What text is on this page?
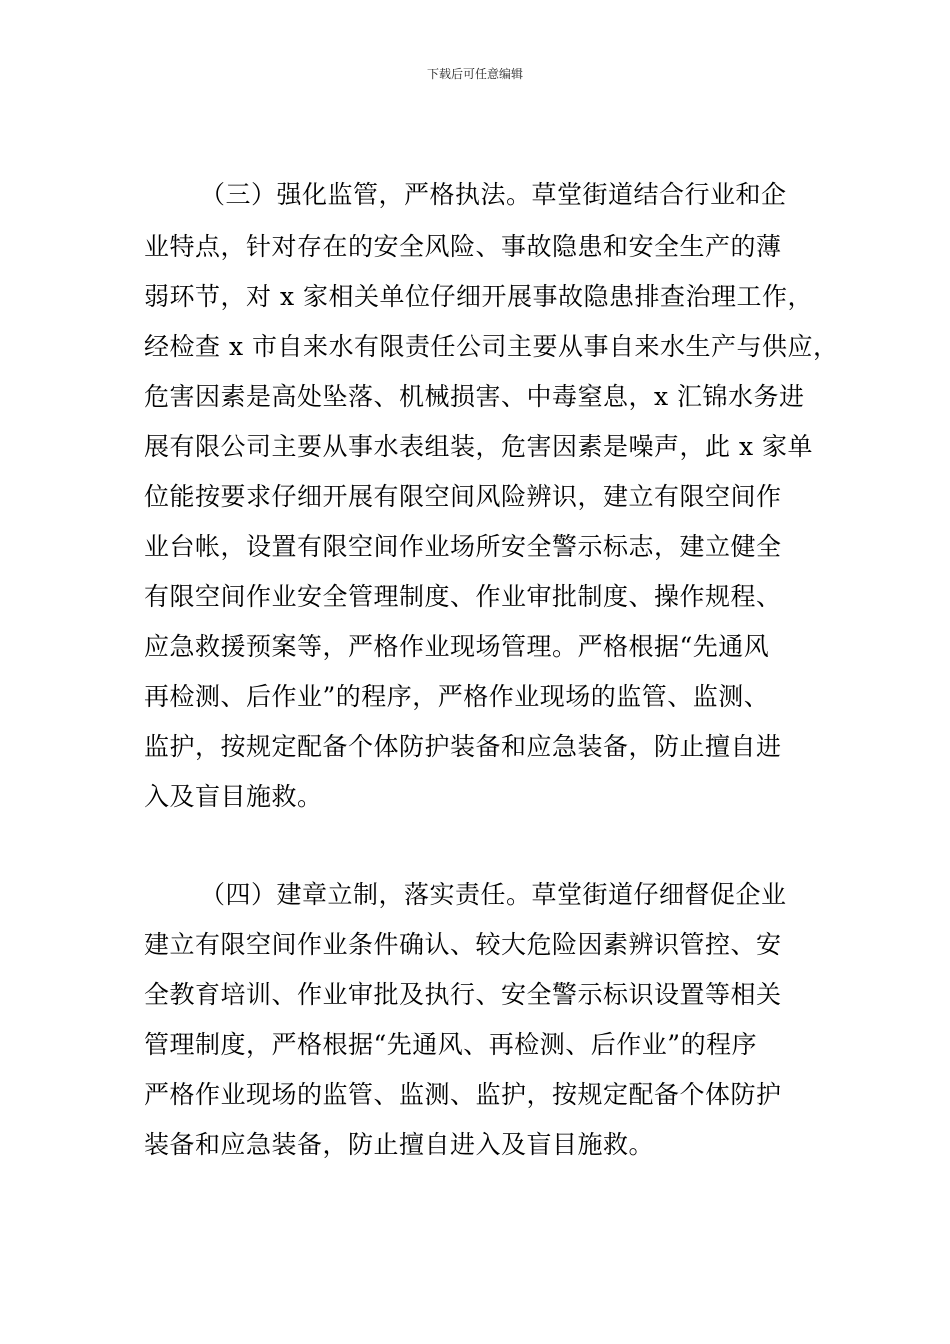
下载后可任意编辑
（三）强化监管，严格执法。草堂街道结合行业和企
业特点，针对存在的安全风险、事故隐患和安全生产的薄
弱环节，对 x 家相关单位仔细开展事故隐患排查治理工作，
经检查 x 市自来水有限责任公司主要从事自来水生产与供应，
危害因素是高处坠落、机械损害、中毒窒息，x 汇锦水务进
展有限公司主要从事水表组装，危害因素是噪声，此 x 家单
位能按要求仔细开展有限空间风险辨识，建立有限空间作
业台帐，设置有限空间作业场所安全警示标志，建立健全
有限空间作业安全管理制度、作业审批制度、操作规程、
应急救援预案等，严格作业现场管理。严格根据“先通风
再检测、后作业”的程序，严格作业现场的监管、监测、
监护，按规定配备个体防护装备和应急装备，防止擅自进
入及盲目施救。
（四）建章立制，落实责任。草堂街道仔细督促企业
建立有限空间作业条件确认、较大危险因素辨识管控、安
全教育培训、作业审批及执行、安全警示标识设置等相关
管理制度，严格根据“先通风、再检测、后作业”的程序
严格作业现场的监管、监测、监护，按规定配备个体防护
装备和应急装备，防止擅自进入及盲目施救。
